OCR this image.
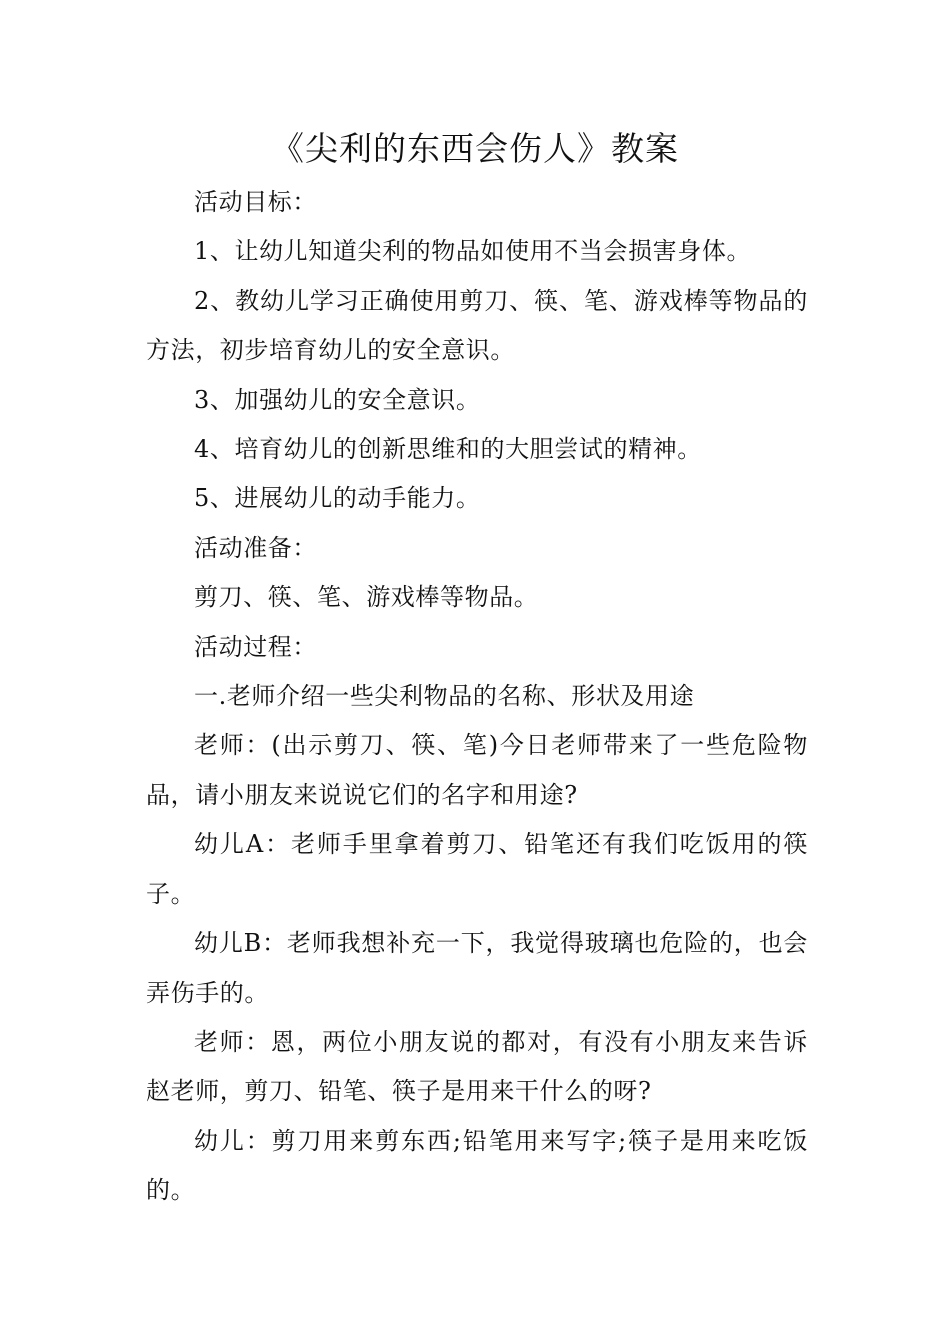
《尖利的东西会伤人》教案

活动目标：

1、让幼儿知道尖利的物品如使用不当会损害身体。

2、教幼儿学习正确使用剪刀、筷、笔、游戏棒等物品的方法，初步培育幼儿的安全意识。

3、加强幼儿的安全意识。

4、培育幼儿的创新思维和的大胆尝试的精神。

5、进展幼儿的动手能力。

活动准备：

剪刀、筷、笔、游戏棒等物品。

活动过程：

一.老师介绍一些尖利物品的名称、形状及用途

老师：(出示剪刀、筷、笔)今日老师带来了一些危险物品，请小朋友来说说它们的名字和用途?

幼儿A：老师手里拿着剪刀、铅笔还有我们吃饭用的筷子。

幼儿B：老师我想补充一下，我觉得玻璃也危险的，也会弄伤手的。

老师：恩，两位小朋友说的都对，有没有小朋友来告诉赵老师，剪刀、铅笔、筷子是用来干什么的呀?

幼儿：剪刀用来剪东西;铅笔用来写字;筷子是用来吃饭的。
